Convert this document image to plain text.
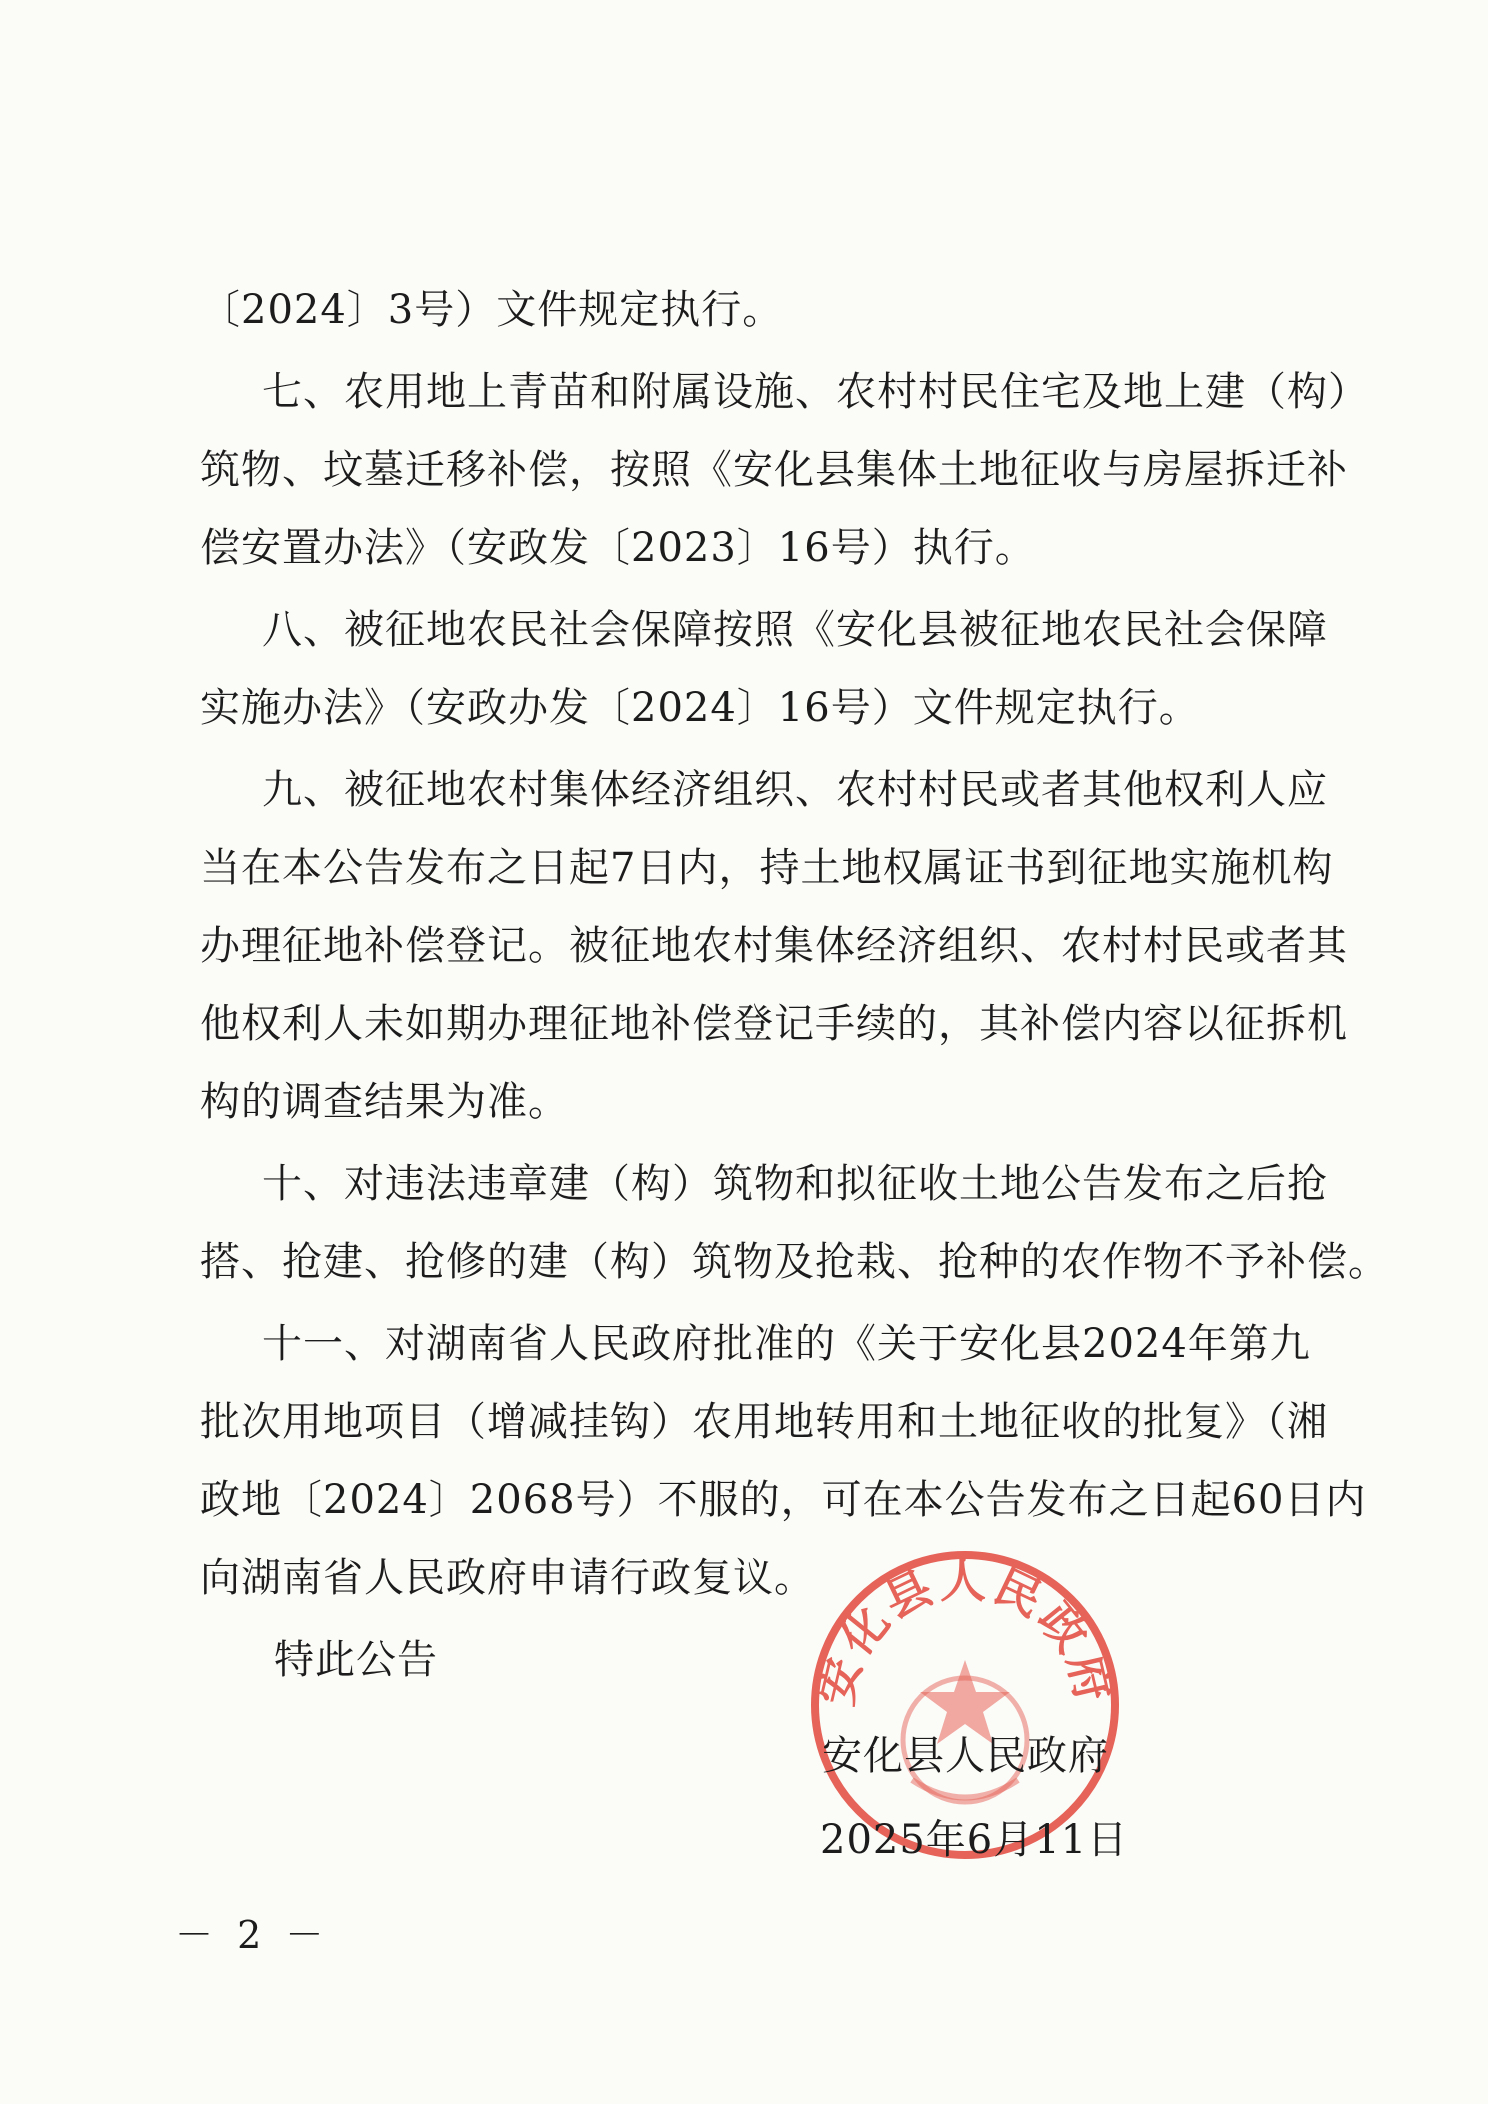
〔2024〕3号）文件规定执行。
七、农用地上青苗和附属设施、农村村民住宅及地上建（构）
筑物、坟墓迁移补偿，按照《安化县集体土地征收与房屋拆迁补
偿安置办法》（安政发〔2023〕16号）执行。
八、被征地农民社会保障按照《安化县被征地农民社会保障
实施办法》（安政办发〔2024〕16号）文件规定执行。
九、被征地农村集体经济组织、农村村民或者其他权利人应
当在本公告发布之日起7日内，持土地权属证书到征地实施机构
办理征地补偿登记。被征地农村集体经济组织、农村村民或者其
他权利人未如期办理征地补偿登记手续的，其补偿内容以征拆机
构的调查结果为准。
十、对违法违章建（构）筑物和拟征收土地公告发布之后抢
搭、抢建、抢修的建（构）筑物及抢栽、抢种的农作物不予补偿。
十一、对湖南省人民政府批准的《关于安化县2024年第九
批次用地项目（增减挂钩）农用地转用和土地征收的批复》（湘
政地〔2024〕2068号）不服的，可在本公告发布之日起60日内
向湖南省人民政府申请行政复议。
特此公告	安化县人民政府
安化县人民政府
2025年6月11日
－ 2 －
